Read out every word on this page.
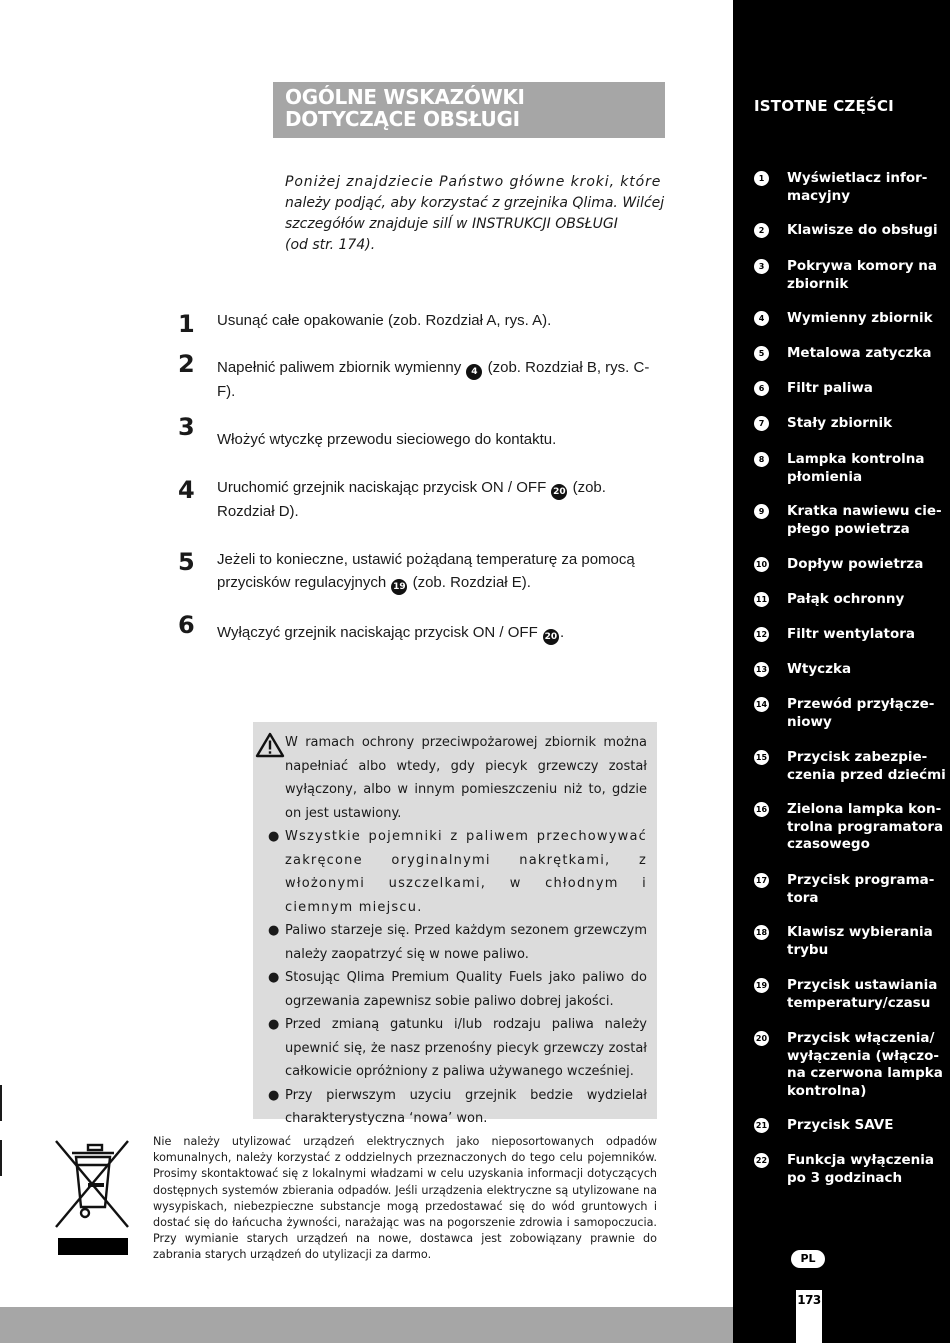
OGÓLNE WSKAZÓWKI
DOTYCZĄCE OBSŁUGI
Poniżej znajdziecie Państwo główne kroki, które
należy podjąć, aby korzystać z grzejnika Qlima. Wilćej
szczegółów znajduje silĺ w INSTRUKCJI OBSŁUGI
(od str. 174).
1	Usunąć całe opakowanie (zob. Rozdział A, rys. A).
2	Napełnić paliwem zbiornik wymienny 4 (zob. Rozdział B, rys. C-F).
3	Włożyć wtyczkę przewodu sieciowego do kontaktu.
4	Uruchomić grzejnik naciskając przycisk ON / OFF 20 (zob. Rozdział D).
5	Jeżeli to konieczne, ustawić pożądaną temperaturę za pomocą przycisków regulacyjnych 19 (zob. Rozdział E).
6	Wyłączyć grzejnik naciskając przycisk ON / OFF 20 .
W ramach ochrony przeciwpożarowej zbiornik można napełniać albo wtedy, gdy piecyk grzewczy został wyłączony, albo w innym pomieszczeniu niż to, gdzie on jest ustawiony.
● Wszystkie pojemniki z paliwem przechowywać zakręcone oryginalnymi nakrętkami, z włożonymi uszczelkami, w chłodnym i ciemnym miejscu.
● Paliwo starzeje się. Przed każdym sezonem grzewczym należy zaopatrzyć się w nowe paliwo.
● Stosując Qlima Premium Quality Fuels jako paliwo do ogrzewania zapewnisz sobie paliwo dobrej jakości.
● Przed zmianą gatunku i/lub rodzaju paliwa należy upewnić się, że nasz przenośny piecyk grzewczy został całkowicie opróżniony z paliwa używanego wcześniej.
● Przy pierwszym uzyciu grzejnik bedzie wydzielał charakterystyczna ‘nowa’ won.
Nie należy utylizować urządzeń elektrycznych jako nieposortowanych odpadów komunalnych, należy korzystać z oddzielnych przeznaczonych do tego celu pojemników. Prosimy skontaktować się z lokalnymi władzami w celu uzyskania informacji dotyczących dostępnych systemów zbierania odpadów. Jeśli urządzenia elektryczne są utylizowane na wysypiskach, niebezpieczne substancje mogą przedostawać się do wód gruntowych i dostać się do łańcucha żywności, narażając was na pogorszenie zdrowia i samopoczucia. Przy wymianie starych urządzeń na nowe, dostawca jest zobowiązany prawnie do zabrania starych urządzeń do utylizacji za darmo.
ISTOTNE CZĘŚCI
1	Wyświetlacz infor-
macyjny
2	Klawisze do obsługi
3	Pokrywa komory na
zbiornik
4	Wymienny zbiornik
5	Metalowa zatyczka
6	Filtr paliwa
7	Stały zbiornik
8	Lampka kontrolna
płomienia
9	Kratka nawiewu cie-
płego powietrza
10 Dopływ powietrza
11 Pałąk ochronny
12 Filtr wentylatora
13 Wtyczka
14 Przewód przyłącze-
niowy
15 Przycisk zabezpie-
czenia przed dziećmi
16 Zielona lampka kon-
trolna programatora
czasowego
17 Przycisk programa-
tora
18 Klawisz wybierania
trybu
19 Przycisk ustawiania
temperatury/czasu
20 Przycisk włączenia/
wyłączenia (włączo-
na czerwona lampka
kontrolna)
21 Przycisk SAVE
22 Funkcja wyłączenia
po 3 godzinach
PL
173
